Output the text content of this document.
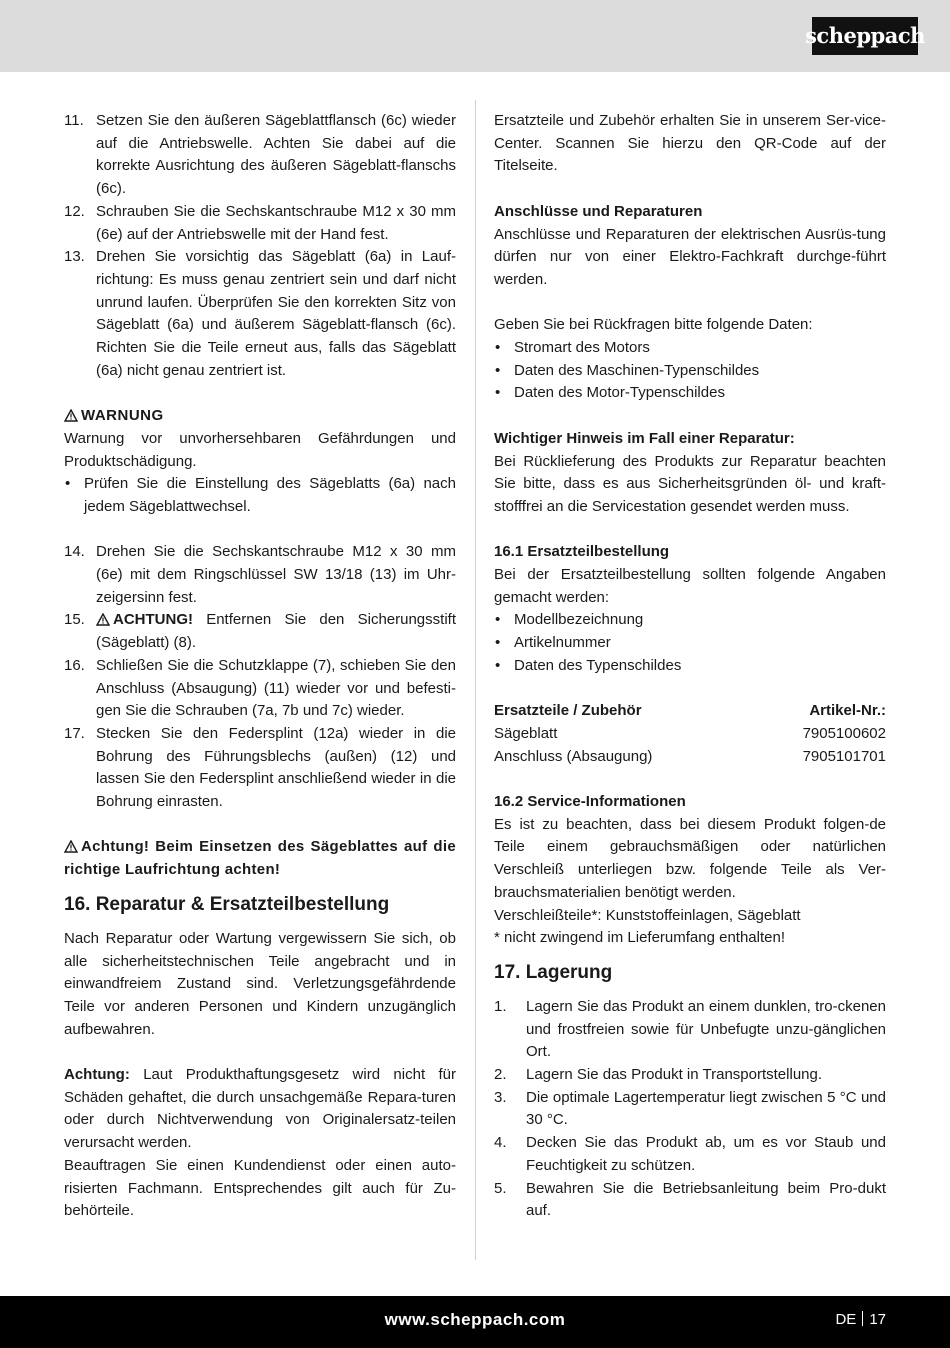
scheppach
11. Setzen Sie den äußeren Sägeblattflansch (6c) wieder auf die Antriebswelle. Achten Sie dabei auf die korrekte Ausrichtung des äußeren Sägeblatt-flanschs (6c).
12. Schrauben Sie die Sechskantschraube M12 x 30 mm (6e) auf der Antriebswelle mit der Hand fest.
13. Drehen Sie vorsichtig das Sägeblatt (6a) in Lauf-richtung: Es muss genau zentriert sein und darf nicht unrund laufen. Überprüfen Sie den korrekten Sitz von Sägeblatt (6a) und äußerem Sägeblatt-flansch (6c). Richten Sie die Teile erneut aus, falls das Sägeblatt (6a) nicht genau zentriert ist.
WARNUNG

Warnung vor unvorhersehbaren Gefährdungen und Produktschädigung.

• Prüfen Sie die Einstellung des Sägeblatts (6a) nach jedem Sägeblattwechsel.
14. Drehen Sie die Sechskantschraube M12 x 30 mm (6e) mit dem Ringschlüssel SW 13/18 (13) im Uhr-zeigersinn fest.
15.	ACHTUNG! Entfernen Sie den Sicherungsstift (Sägeblatt) (8).
16. Schließen Sie die Schutzklappe (7), schieben Sie den Anschluss (Absaugung) (11) wieder vor und befesti-gen Sie die Schrauben (7a, 7b und 7c) wieder.
17. Stecken Sie den Federsplint (12a) wieder in die Bohrung des Führungsblechs (außen) (12) und lassen Sie den Federsplint anschließend wieder in die Bohrung einrasten.

Achtung! Beim Einsetzen des Sägeblattes auf die richtige Laufrichtung achten!

16. Reparatur & Ersatzteilbestellung

Nach Reparatur oder Wartung vergewissern Sie sich, ob alle sicherheitstechnischen Teile angebracht und in einwandfreiem Zustand sind. Verletzungsgefährdende Teile vor anderen Personen und Kindern unzugänglich aufbewahren.

Achtung: Laut Produkthaftungsgesetz wird nicht für Schäden gehaftet, die durch unsachgemäße Repara-turen oder durch Nichtverwendung von Originalersatz-teilen verursacht werden.

Beauftragen Sie einen Kundendienst oder einen auto-risierten Fachmann. Entsprechendes gilt auch für Zu-behörteile.

Ersatzteile und Zubehör erhalten Sie in unserem Ser-vice-Center. Scannen Sie hierzu den QR-Code auf der Titelseite.

Anschlüsse und Reparaturen

Anschlüsse und Reparaturen der elektrischen Ausrüs-tung dürfen nur von einer Elektro-Fachkraft durchge-führt werden.

Geben Sie bei Rückfragen bitte folgende Daten:

• Stromart des Motors
• Daten des Maschinen-Typenschildes
• Daten des Motor-Typenschildes
Wichtiger Hinweis im Fall einer Reparatur:

Bei Rücklieferung des Produkts zur Reparatur beachten Sie bitte, dass es aus Sicherheitsgründen öl- und kraft-stofffrei an die Servicestation gesendet werden muss.

16.1 Ersatzteilbestellung

Bei der Ersatzteilbestellung sollten folgende Angaben gemacht werden:

• Modellbezeichnung
• Artikelnummer
• Daten des Typenschildes
Ersatzteile / Zubehör	Artikel-Nr.:
Sägeblatt	7905100602
Anschluss (Absaugung)	7905101701
16.2 Service-Informationen

Es ist zu beachten, dass bei diesem Produkt folgen-de Teile einem gebrauchsmäßigen oder natürlichen Verschleiß unterliegen bzw. folgende Teile als Ver-brauchsmaterialien benötigt werden.

Verschleißteile*: Kunststoffeinlagen, Sägeblatt

* nicht zwingend im Lieferumfang enthalten!

17. Lagerung
1.	Lagern Sie das Produkt an einem dunklen, tro-ckenen und frostfreien sowie für Unbefugte unzu-gänglichen Ort.
2.	Lagern Sie das Produkt in Transportstellung.
3.	Die optimale Lagertemperatur liegt zwischen 5 °C und 30 °C.
4.	Decken Sie das Produkt ab, um es vor Staub und Feuchtigkeit zu schützen.
5.	Bewahren Sie die Betriebsanleitung beim Pro-dukt auf.
www.scheppach.com	DE 17
